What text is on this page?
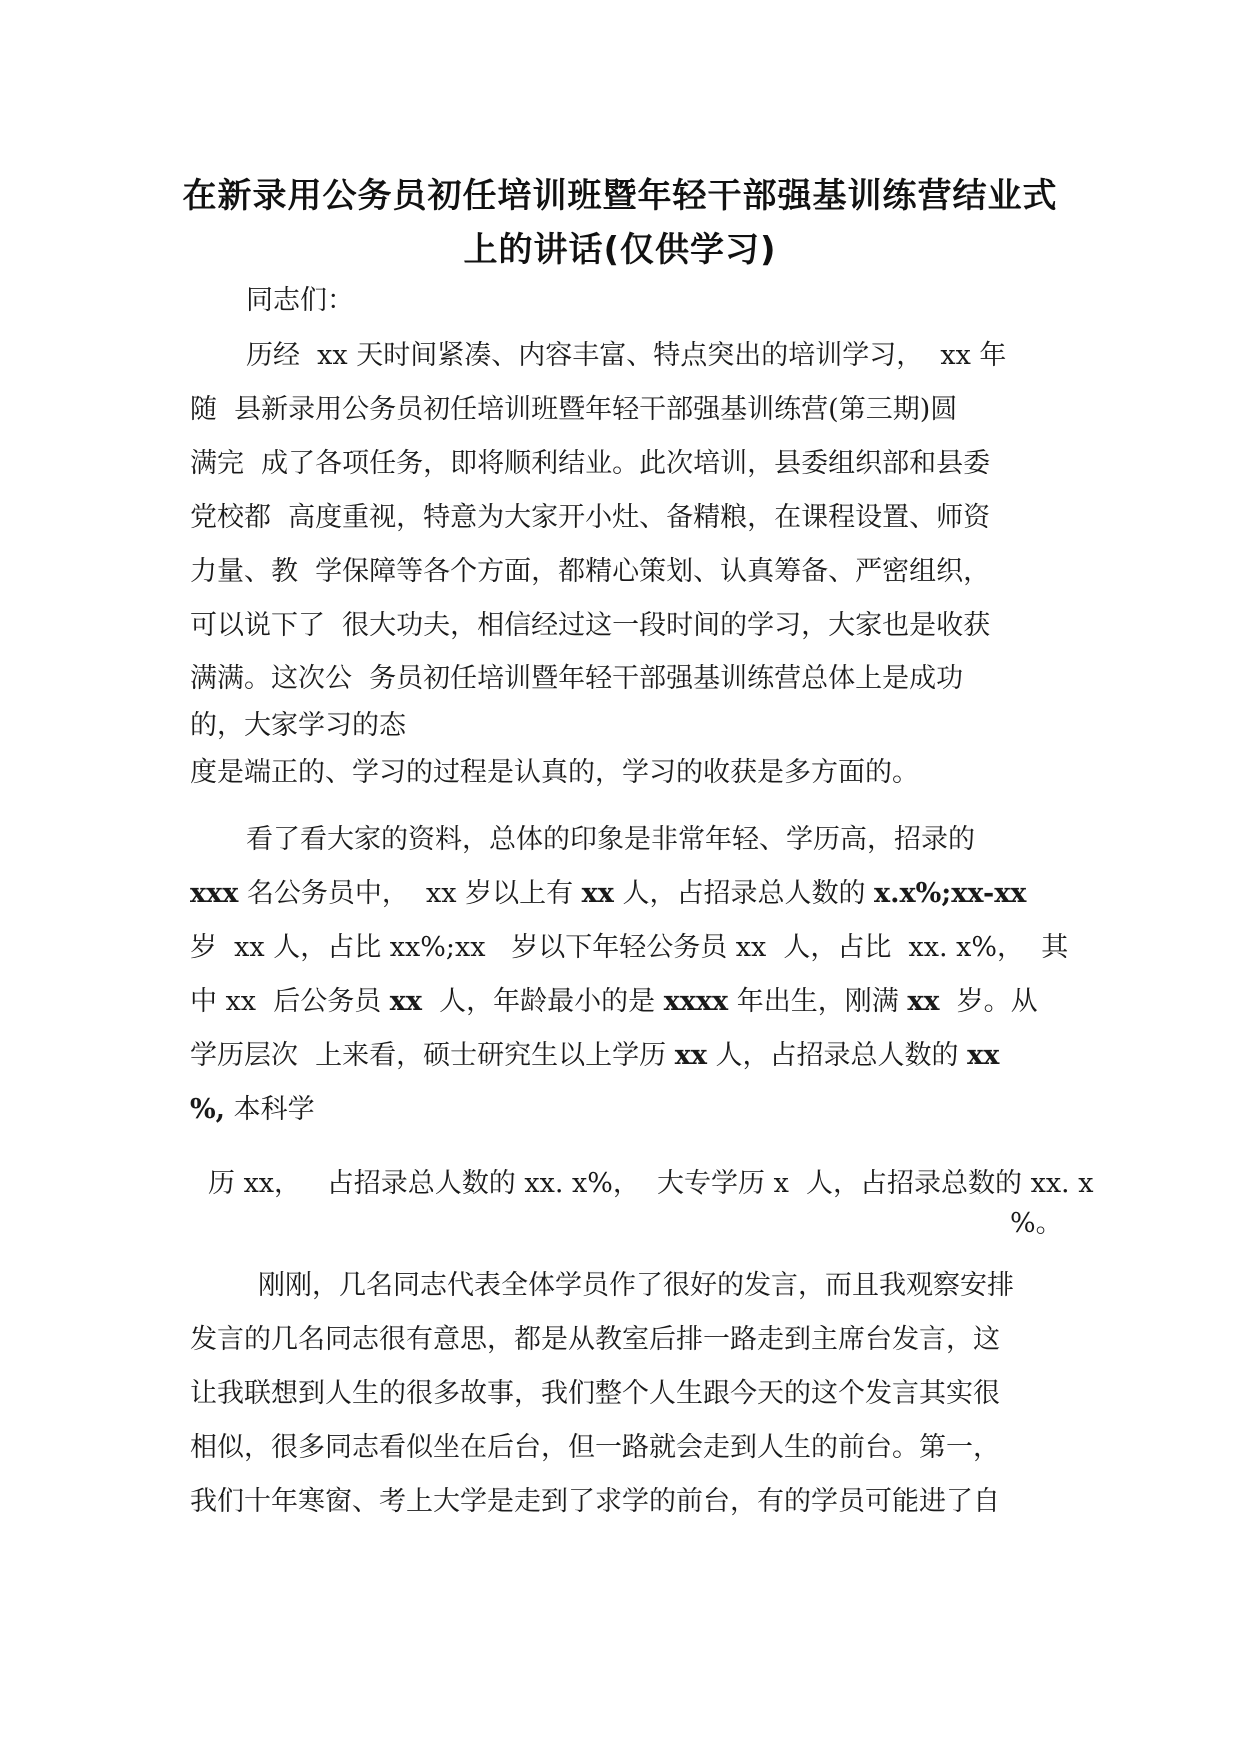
在新录用公务员初任培训班暨年轻干部强基训练营结业式
上的讲话(仅供学习)
同志们：
历经  xx 天时间紧凑、内容丰富、特点突出的培训学习，  xx 年
随  县新录用公务员初任培训班暨年轻干部强基训练营(第三期)圆
满完  成了各项任务，即将顺利结业。此次培训，县委组织部和县委
党校都  高度重视，特意为大家开小灶、备精粮，在课程设置、师资
力量、教  学保障等各个方面，都精心策划、认真筹备、严密组织，
可以说下了  很大功夫，相信经过这一段时间的学习，大家也是收获
满满。这次公  务员初任培训暨年轻干部强基训练营总体上是成功
的，大家学习的态
度是端正的、学习的过程是认真的，学习的收获是多方面的。
看了看大家的资料，总体的印象是非常年轻、学历高，招录的
xxx 名公务员中，  xx 岁以上有 xx 人，占招录总人数的 x.x%;xx-xx
岁  xx 人，占比 xx%;xx   岁以下年轻公务员 xx  人，占比  xx. x%，  其
中 xx  后公务员 xx  人，年龄最小的是 xxxx 年出生，刚满 xx  岁。从
学历层次  上来看，硕士研究生以上学历 xx 人，占招录总人数的 xx
%, 本科学
历 xx，   占招录总人数的 xx. x%，  大专学历 x  人，占招录总数的 xx. x
%。
刚刚，几名同志代表全体学员作了很好的发言，而且我观察安排
发言的几名同志很有意思，都是从教室后排一路走到主席台发言，这
让我联想到人生的很多故事，我们整个人生跟今天的这个发言其实很
相似，很多同志看似坐在后台，但一路就会走到人生的前台。第一，
我们十年寒窗、考上大学是走到了求学的前台，有的学员可能进了自
